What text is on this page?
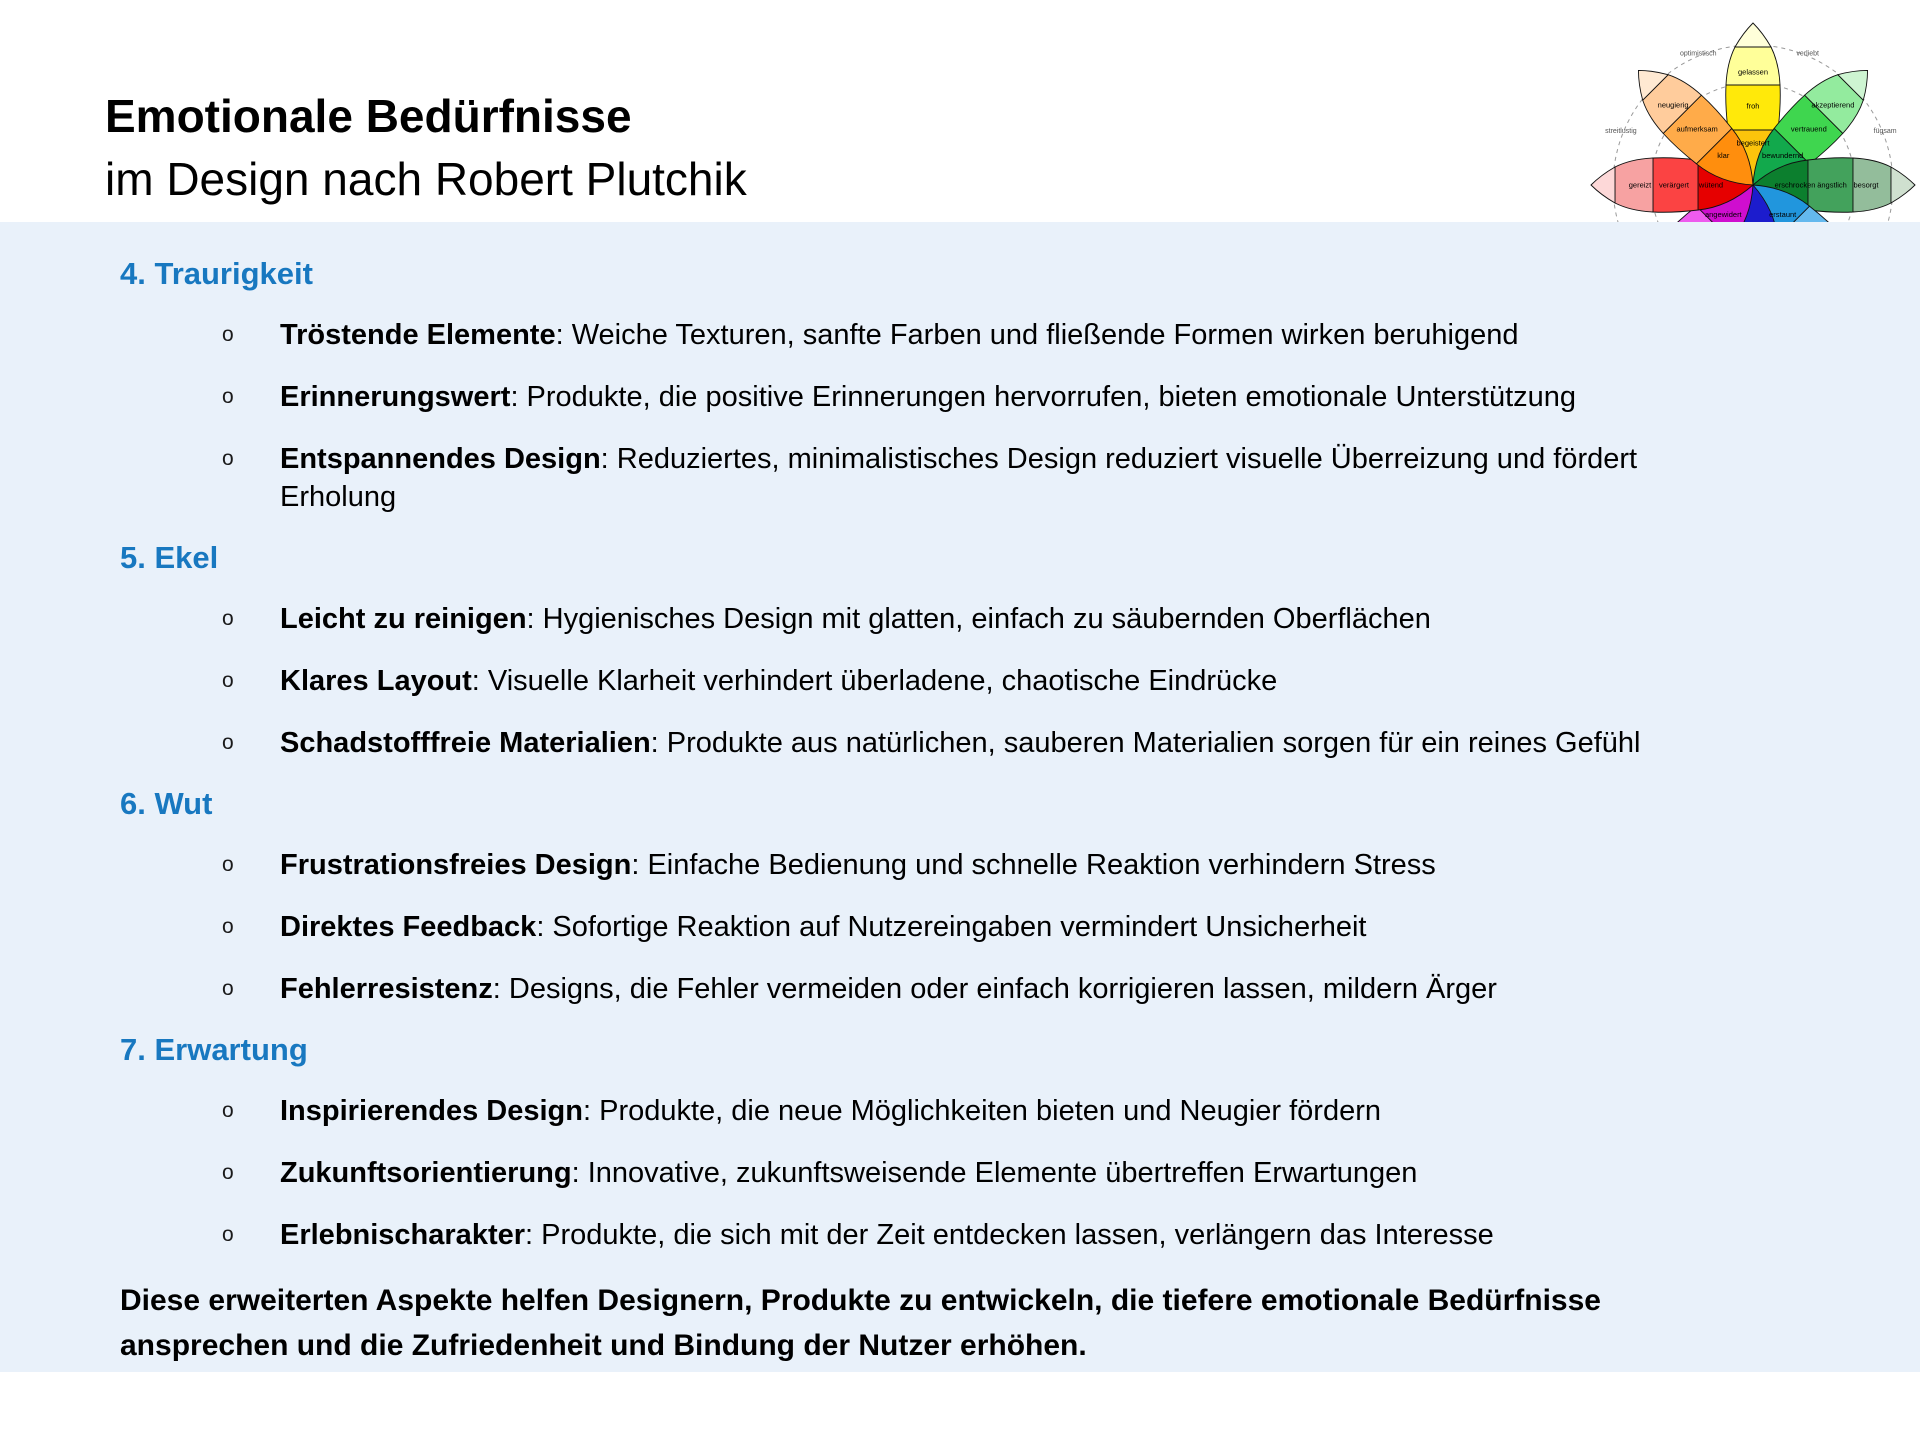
Emotionale Bedürfnisse
im Design nach Robert Plutchik
begeistert
froh
gelassen
bewundernd
vertrauend
akzeptierend
erschrocken ängstlich besorgt
erstaunt
angewidert
wütend
verärgert
gereizt
klar
aufmerksam
neugierig
verliebt
fügsam
streitlustig
optimistisch
4. Traurigkeit
o Tröstende Elemente: Weiche Texturen, sanfte Farben und fließende Formen wirken beruhigend
o Erinnerungswert: Produkte, die positive Erinnerungen hervorrufen, bieten emotionale Unterstützung
o Entspannendes Design: Reduziertes, minimalistisches Design reduziert visuelle Überreizung und fördert Erholung
5. Ekel
o Leicht zu reinigen: Hygienisches Design mit glatten, einfach zu säubernden Oberflächen
o Klares Layout: Visuelle Klarheit verhindert überladene, chaotische Eindrücke
o Schadstofffreie Materialien: Produkte aus natürlichen, sauberen Materialien sorgen für ein reines Gefühl
6. Wut
o Frustrationsfreies Design: Einfache Bedienung und schnelle Reaktion verhindern Stress
o Direktes Feedback: Sofortige Reaktion auf Nutzereingaben vermindert Unsicherheit
o Fehlerresistenz: Designs, die Fehler vermeiden oder einfach korrigieren lassen, mildern Ärger
7. Erwartung
o Inspirierendes Design: Produkte, die neue Möglichkeiten bieten und Neugier fördern
o Zukunftsorientierung: Innovative, zukunftsweisende Elemente übertreffen Erwartungen
o Erlebnischarakter: Produkte, die sich mit der Zeit entdecken lassen, verlängern das Interesse

Diese erweiterten Aspekte helfen Designern, Produkte zu entwickeln, die tiefere emotionale Bedürfnisse ansprechen und die Zufriedenheit und Bindung der Nutzer erhöhen.
